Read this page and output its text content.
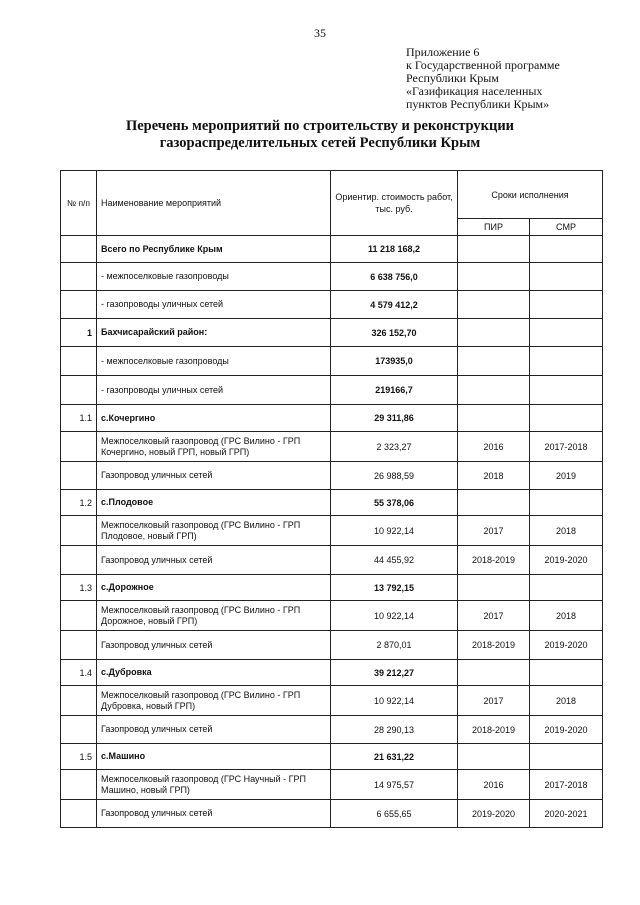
35
Приложение 6
к Государственной программе
Республики Крым
«Газификация населенных
пунктов Республики Крым»
Перечень мероприятий по строительству и реконструкции
газораспределительных сетей Республики Крым
№ п/п	Наименование мероприятий	Ориентир. стоимость работ, тыс. руб.	Сроки исполнения	
			ПИР	СМР
	Всего по Республике Крым	11 218 168,2		
	- межпоселковые газопроводы	6 638 756,0		
	- газопроводы уличных сетей	4 579 412,2		
1	Бахчисарайский район:	326 152,70		
	- межпоселковые газопроводы	173935,0		
	- газопроводы уличных сетей	219166,7		
1.1	с.Кочергино	29 311,86		
	Межпоселковый газопровод (ГРС Вилино - ГРП Кочергино, новый ГРП, новый ГРП)	2 323,27	2016	2017-2018
	Газопровод уличных сетей	26 988,59	2018	2019
1.2	с.Плодовое	55 378,06		
	Межпоселковый газопровод (ГРС Вилино - ГРП Плодовое, новый ГРП)	10 922,14	2017	2018
	Газопровод уличных сетей	44 455,92	2018-2019	2019-2020
1.3	с.Дорожное	13 792,15		
	Межпоселковый газопровод (ГРС Вилино - ГРП Дорожное, новый ГРП)	10 922,14	2017	2018
	Газопровод уличных сетей	2 870,01	2018-2019	2019-2020
1.4	с.Дубровка	39 212,27		
	Межпоселковый газопровод (ГРС Вилино - ГРП Дубровка, новый ГРП)	10 922,14	2017	2018
	Газопровод уличных сетей	28 290,13	2018-2019	2019-2020
1.5	с.Машино	21 631,22		
	Межпоселковый газопровод (ГРС Научный - ГРП Машино, новый ГРП)	14 975,57	2016	2017-2018
	Газопровод уличных сетей	6 655,65	2019-2020	2020-2021
